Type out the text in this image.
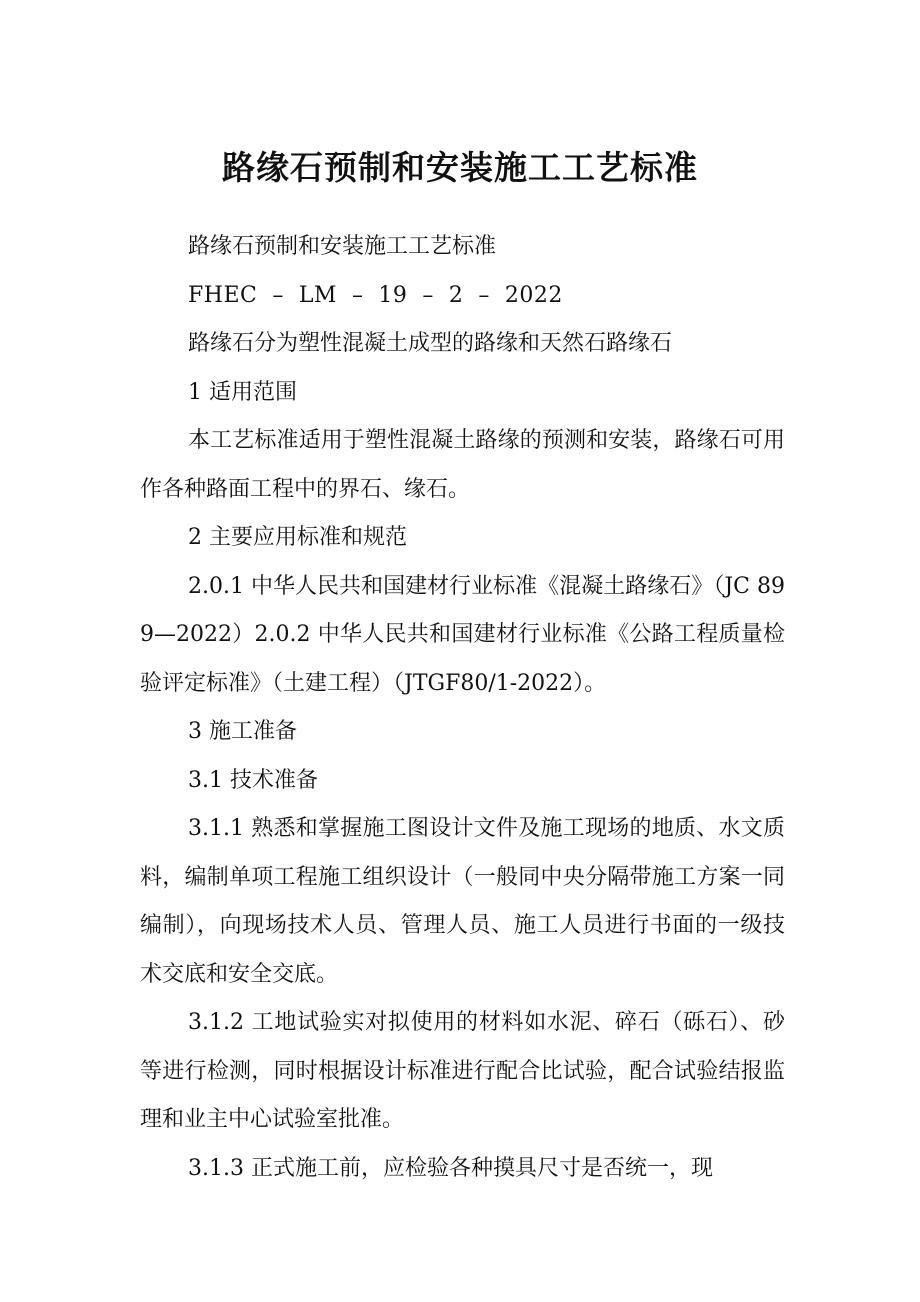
路缘石预制和安装施工工艺标准

路缘石预制和安装施工工艺标准

FHEC  –  LM  –  19  –  2  –  2022

路缘石分为塑性混凝土成型的路缘和天然石路缘石

1 适用范围

本工艺标准适用于塑性混凝土路缘的预测和安装，路缘石可用作各种路面工程中的界石、缘石。

2 主要应用标准和规范

2.0.1 中华人民共和国建材行业标准《混凝土路缘石》（JC 899—2022）2.0.2 中华人民共和国建材行业标准《公路工程质量检验评定标准》（土建工程）（JTGF80/1-2022）。

3 施工准备

3.1 技术准备

3.1.1 熟悉和掌握施工图设计文件及施工现场的地质、水文质料，编制单项工程施工组织设计（一般同中央分隔带施工方案一同编制），向现场技术人员、管理人员、施工人员进行书面的一级技术交底和安全交底。

3.1.2 工地试验实对拟使用的材料如水泥、碎石（砾石）、砂等进行检测，同时根据设计标准进行配合比试验，配合试验结报监理和业主中心试验室批准。

3.1.3 正式施工前，应检验各种摸具尺寸是否统一，现
